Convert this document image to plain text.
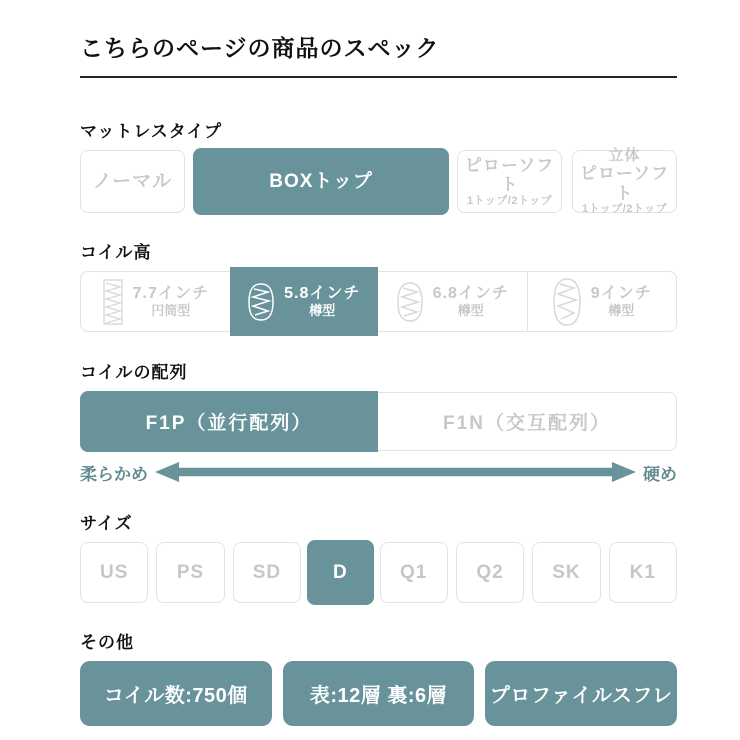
こちらのページの商品のスペック
マットレスタイプ
ノーマル	BOXトップ
ピローソフト
1トップ/2トップ
立体
ピローソフト
1トップ/2トップ
コイル高
7.7インチ
円筒型
5.8インチ
樽型
6.8インチ
樽型
9インチ
樽型
コイルの配列
F1P（並行配列）	F1N（交互配列）
柔らかめ	硬め
サイズ
US	PS	SD	D	Q1	Q2	SK	K1
その他
コイル数:750個	表:12層 裏:6層 プロファイルスフレ
